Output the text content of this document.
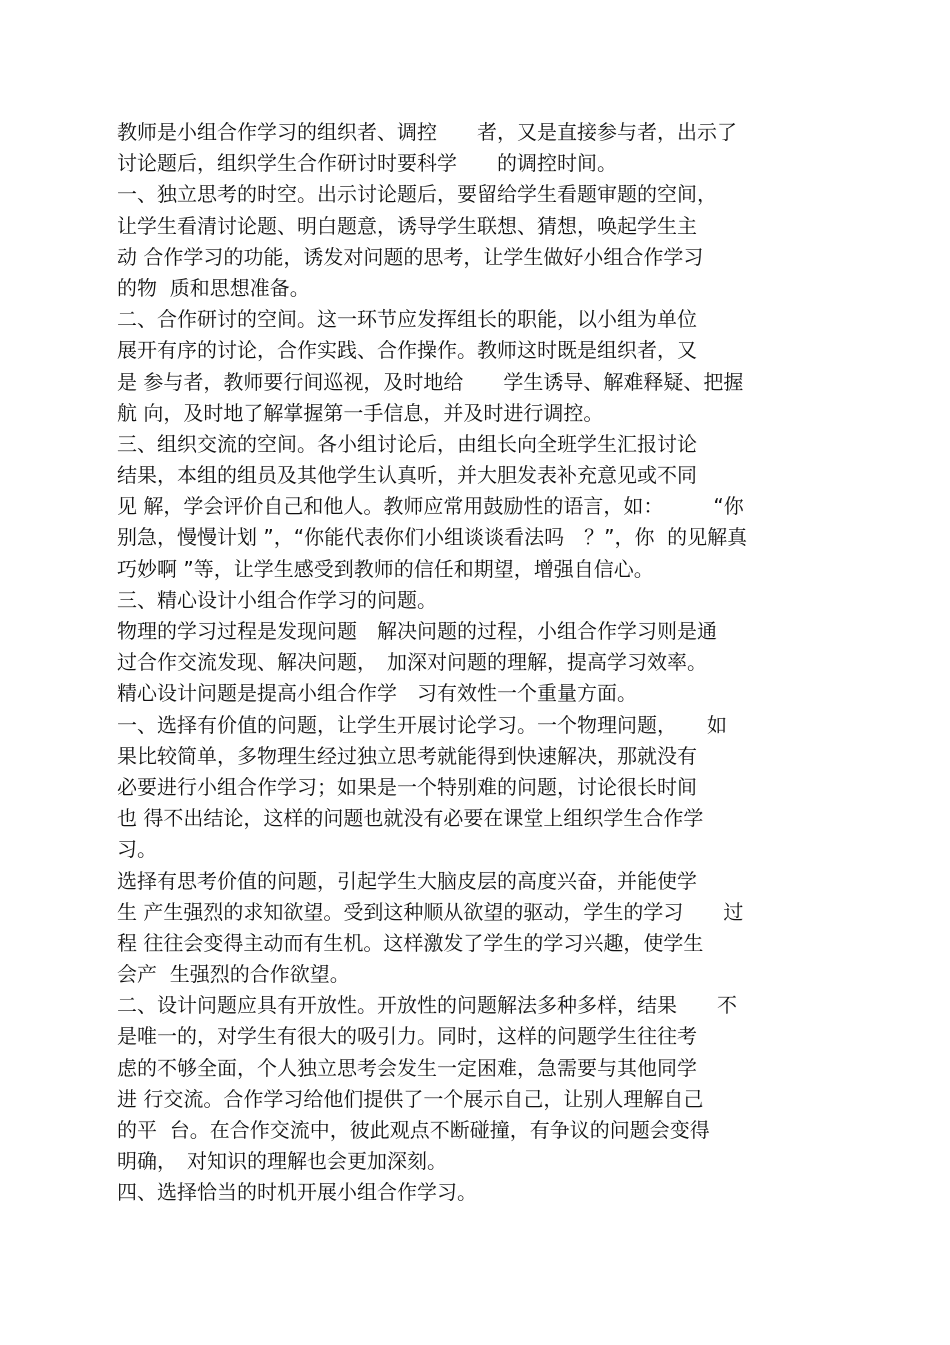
教师是小组合作学习的组织者、调控　　者，又是直接参与者，出示了
讨论题后，组织学生合作研讨时要科学　　的调控时间。
一、独立思考的时空。出示讨论题后，要留给学生看题审题的空间，
让学生看清讨论题、明白题意，诱导学生联想、猜想，唤起学生主
动 合作学习的功能，诱发对问题的思考，让学生做好小组合作学习
的物  质和思想准备。
二、合作研讨的空间。这一环节应发挥组长的职能，以小组为单位
展开有序的讨论，合作实践、合作操作。教师这时既是组织者，又
是 参与者，教师要行间巡视，及时地给　　学生诱导、解难释疑、把握
航 向，及时地了解掌握第一手信息，并及时进行调控。
三、组织交流的空间。各小组讨论后，由组长向全班学生汇报讨论
结果，本组的组员及其他学生认真听，并大胆发表补充意见或不同
见 解，学会评价自己和他人。教师应常用鼓励性的语言，如：　　　“你
别急，慢慢计划 ”，“你能代表你们小组谈谈看法吗　？”，你  的见解真
巧妙啊 ”等，让学生感受到教师的信任和期望，增强自信心。
三、精心设计小组合作学习的问题。
物理的学习过程是发现问题　解决问题的过程，小组合作学习则是通
过合作交流发现、解决问题，　加深对问题的理解，提高学习效率。
精心设计问题是提高小组合作学　习有效性一个重量方面。
一、选择有价值的问题，让学生开展讨论学习。一个物理问题，　　如
果比较简单，多物理生经过独立思考就能得到快速解决，那就没有
必要进行小组合作学习；如果是一个特别难的问题，讨论很长时间
也 得不出结论，这样的问题也就没有必要在课堂上组织学生合作学
习。
选择有思考价值的问题，引起学生大脑皮层的高度兴奋，并能使学
生 产生强烈的求知欲望。受到这种顺从欲望的驱动，学生的学习　　过
程 往往会变得主动而有生机。这样激发了学生的学习兴趣，使学生
会产  生强烈的合作欲望。
二、设计问题应具有开放性。开放性的问题解法多种多样，结果　　不
是唯一的，对学生有很大的吸引力。同时，这样的问题学生往往考
虑的不够全面，个人独立思考会发生一定困难，急需要与其他同学
进 行交流。合作学习给他们提供了一个展示自己，让别人理解自己
的平  台。在合作交流中，彼此观点不断碰撞，有争议的问题会变得
明确，　对知识的理解也会更加深刻。
四、选择恰当的时机开展小组合作学习。
